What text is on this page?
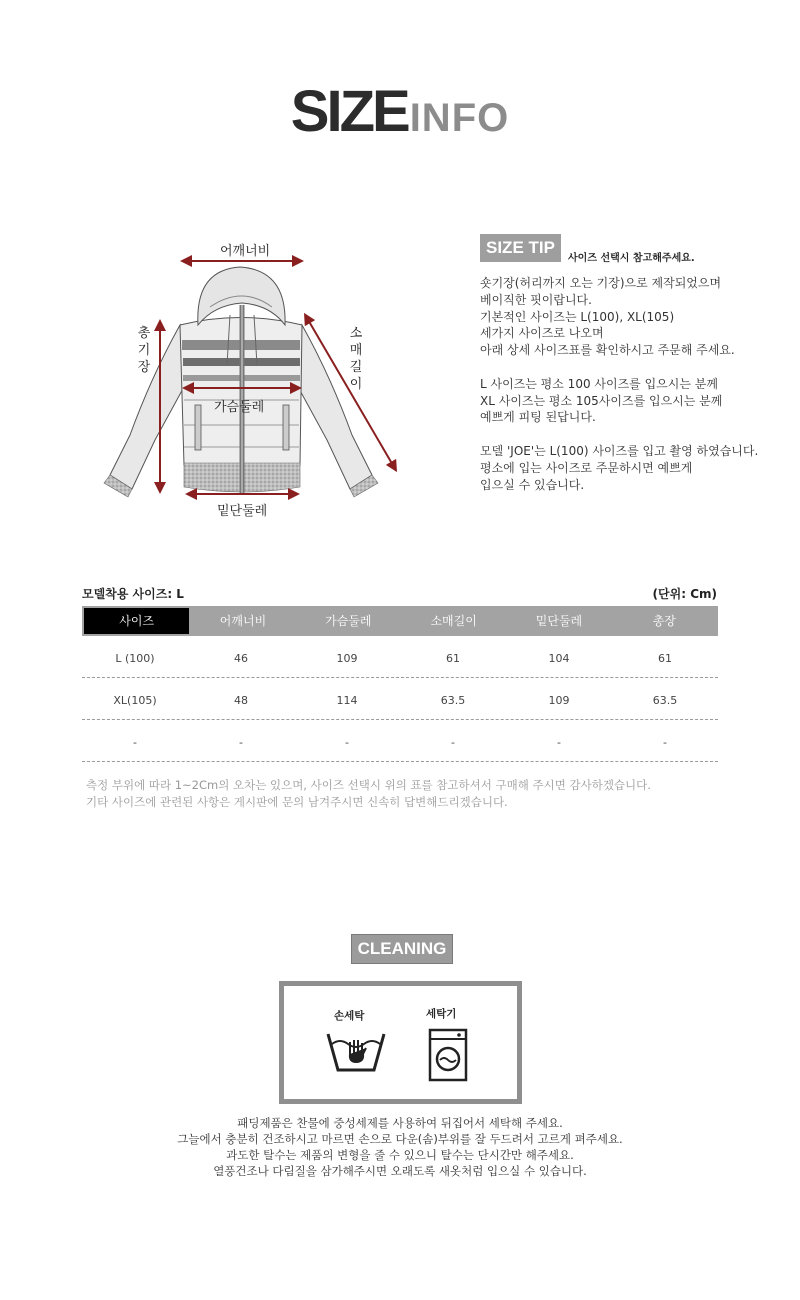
SIZEINFO
어깨너비
가슴둘레
밑단둘레
총
기
장
소
매
길
이
SIZE TIP
사이즈 선택시 참고해주세요.

숏기장(허리까지 오는 기장)으로 제작되었으며
베이직한 핏이랍니다.
기본적인 사이즈는 L(100), XL(105)
세가지 사이즈로 나오며
아래 상세 사이즈표를 확인하시고 주문해 주세요.

L 사이즈는 평소 100 사이즈를 입으시는 분께
XL 사이즈는 평소 105사이즈를 입으시는 분께
예쁘게 피팅 된답니다.

모델 'JOE'는 L(100) 사이즈를 입고 촬영 하였습니다.
평소에 입는 사이즈로 주문하시면 예쁘게
입으실 수 있습니다.

모델착용 사이즈: L	(단위: Cm)
사이즈	어깨너비	가슴둘레	소매길이	밑단둘레	총장
L (100)	46	109	61	104	61
XL(105)	48	114	63.5	109	63.5
-	-	-	-	-	-
측정 부위에 따라 1~2Cm의 오차는 있으며, 사이즈 선택시 위의 표를 참고하셔서 구매해 주시면 감사하겠습니다.
기타 사이즈에 관련된 사항은 게시판에 문의 남겨주시면 신속히 답변해드리겠습니다.
CLEANING
손세탁	세탁기
패딩제품은 찬물에 중성세제를 사용하여 뒤집어서 세탁해 주세요.
그늘에서 충분히 건조하시고 마르면 손으로 다운(솜)부위를 잘 두드려서 고르게 펴주세요.
과도한 탈수는 제품의 변형을 줄 수 있으니 탈수는 단시간만 해주세요.
열풍건조나 다림질을 삼가해주시면 오래도록 새옷처럼 입으실 수 있습니다.
